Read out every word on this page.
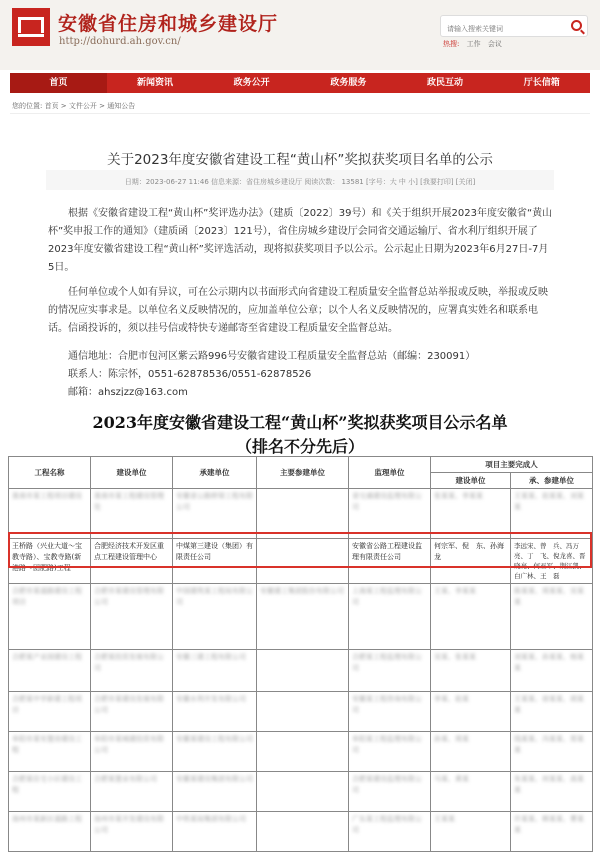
安徽省住房和城乡建设厅
http://dohurd.ah.gov.cn/
请输入搜索关键词	热搜: 工作 会议
首页	新闻资讯	政务公开	政务服务	政民互动	厅长信箱
您的位置: 首页 > 文件公开 > 通知公告
关于2023年度安徽省建设工程“黄山杯”奖拟获奖项目名单的公示
日期：2023-06-27 11:46 信息来源：省住房城乡建设厅 阅读次数： 13581 [字号：大 中 小] [我要打印] [关闭]
根据《安徽省建设工程“黄山杯”奖评选办法》（建质〔2022〕39号）和《关于组织开展2023年度安徽省“黄山杯”奖申报工作的通知》（建质函〔2023〕121号），省住房城乡建设厅会同省交通运输厅、省水利厅组织开展了2023年度安徽省建设工程“黄山杯”奖评选活动，现将拟获奖项目予以公示。公示起止日期为2023年6月27日-7月5日。
任何单位或个人如有异议，可在公示期内以书面形式向省建设工程质量安全监督总站举报或反映，举报或反映的情况应实事求是。以单位名义反映情况的，应加盖单位公章；以个人名义反映情况的，应署真实姓名和联系电话。信函投诉的，须以挂号信或特快专递邮寄至省建设工程质量安全监督总站。
通信地址：合肥市包河区紫云路996号安徽省建设工程质量安全监督总站（邮编：230091）
联系人：陈宗怀，0551-62878536/0551-62878526
邮箱：ahszjzz@163.com
2023年度安徽省建设工程“黄山杯”奖拟获奖项目公示名单
（排名不分先后）
工程名称	建设单位	承建单位	主要参建单位	监理单位	项目主要完成人	
					建设单位	承、参建单位
淮南市某工程项目建设	淮南市某工程建设管理处	安徽省公路桥梁工程有限公司		省交通建设监理有限公司	张某某、李某某	王某某、赵某某、刘某某
王桥路（兴业大道～宝教寺路）、宝教寺路(新港路～团肥路)工程	合肥经济技术开发区重点工程建设管理中心	中煤第三建设（集团）有限责任公司		安徽省公路工程建设监理有限责任公司	何宗军、倪　东、孙海龙	李远宋、曾　兵、冯万亮、丁　飞、倪龙喜、晋晓亮、何亚军、荆江凯、白广林、王　磊
合肥市某道路建设工程项目	合肥市某建设管理有限公司	中国建筑某工程局有限公司	安徽建工集团股份有限公司	上海某工程监理有限公司	王某、李某某	陈某某、周某某、吴某某
合肥某产业园建设工程	合肥某投资发展有限公司	安徽三建工程有限公司		合肥某工程监理有限公司	吴某、张某某	刘某某、孙某某、杨某某
合肥某中学新建工程项目	合肥市某建设发展有限公司	安徽水利开发有限公司		安徽某工程咨询有限公司	李某、赵某	王某某、徐某某、胡某某
阜阳市某安置房建设工程	阜阳市某城建投资有限公司	安徽某建设工程有限公司		阜阳某工程监理有限公司	孙某、周某	钱某某、冯某某、郑某某
合肥某住宅小区建设工程	合肥某置业有限公司	安徽某建设集团有限公司		合肥某建设监理有限公司	马某、黄某	朱某某、何某某、高某某
池州市某新区道路工程	池州市某开发建设有限公司	中铁某局集团有限公司		广东某工程监理有限公司	王某某	许某某、韩某某、曹某某
